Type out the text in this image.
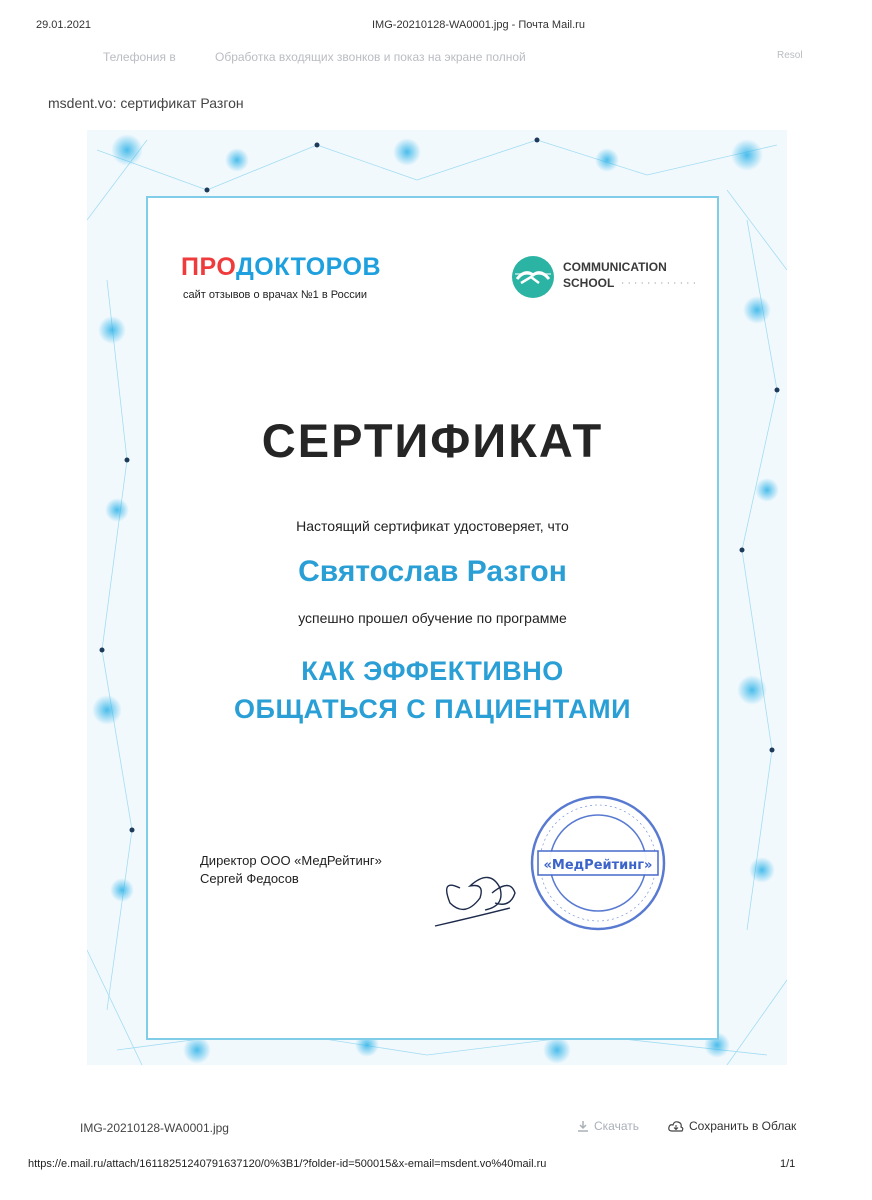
29.01.2021	IMG-20210128-WA0001.jpg - Почта Mail.ru
Телефония в	Обработка входящих звонков и показ на экране полной	Resol
msdent.vo: сертификат Разгон
ПРОДОКТОРОВ
сайт отзывов о врачах №1 в России
COMMUNICATION
SCHOOL • • • • • • • • • • • •
СЕРТИФИКАТ
Настоящий сертификат удостоверяет, что
Святослав Разгон
успешно прошел обучение по программе
КАК ЭФФЕКТИВНО
ОБЩАТЬСЯ С ПАЦИЕНТАМИ
Директор ООО «МедРейтинг»
Сергей Федосов
«МедРейтинг»
IMG-20210128-WA0001.jpg	Скачать	Сохранить в Облак
https://e.mail.ru/attach/16118251240791637120/0%3B1/?folder-id=500015&x-email=msdent.vo%40mail.ru	1/1
